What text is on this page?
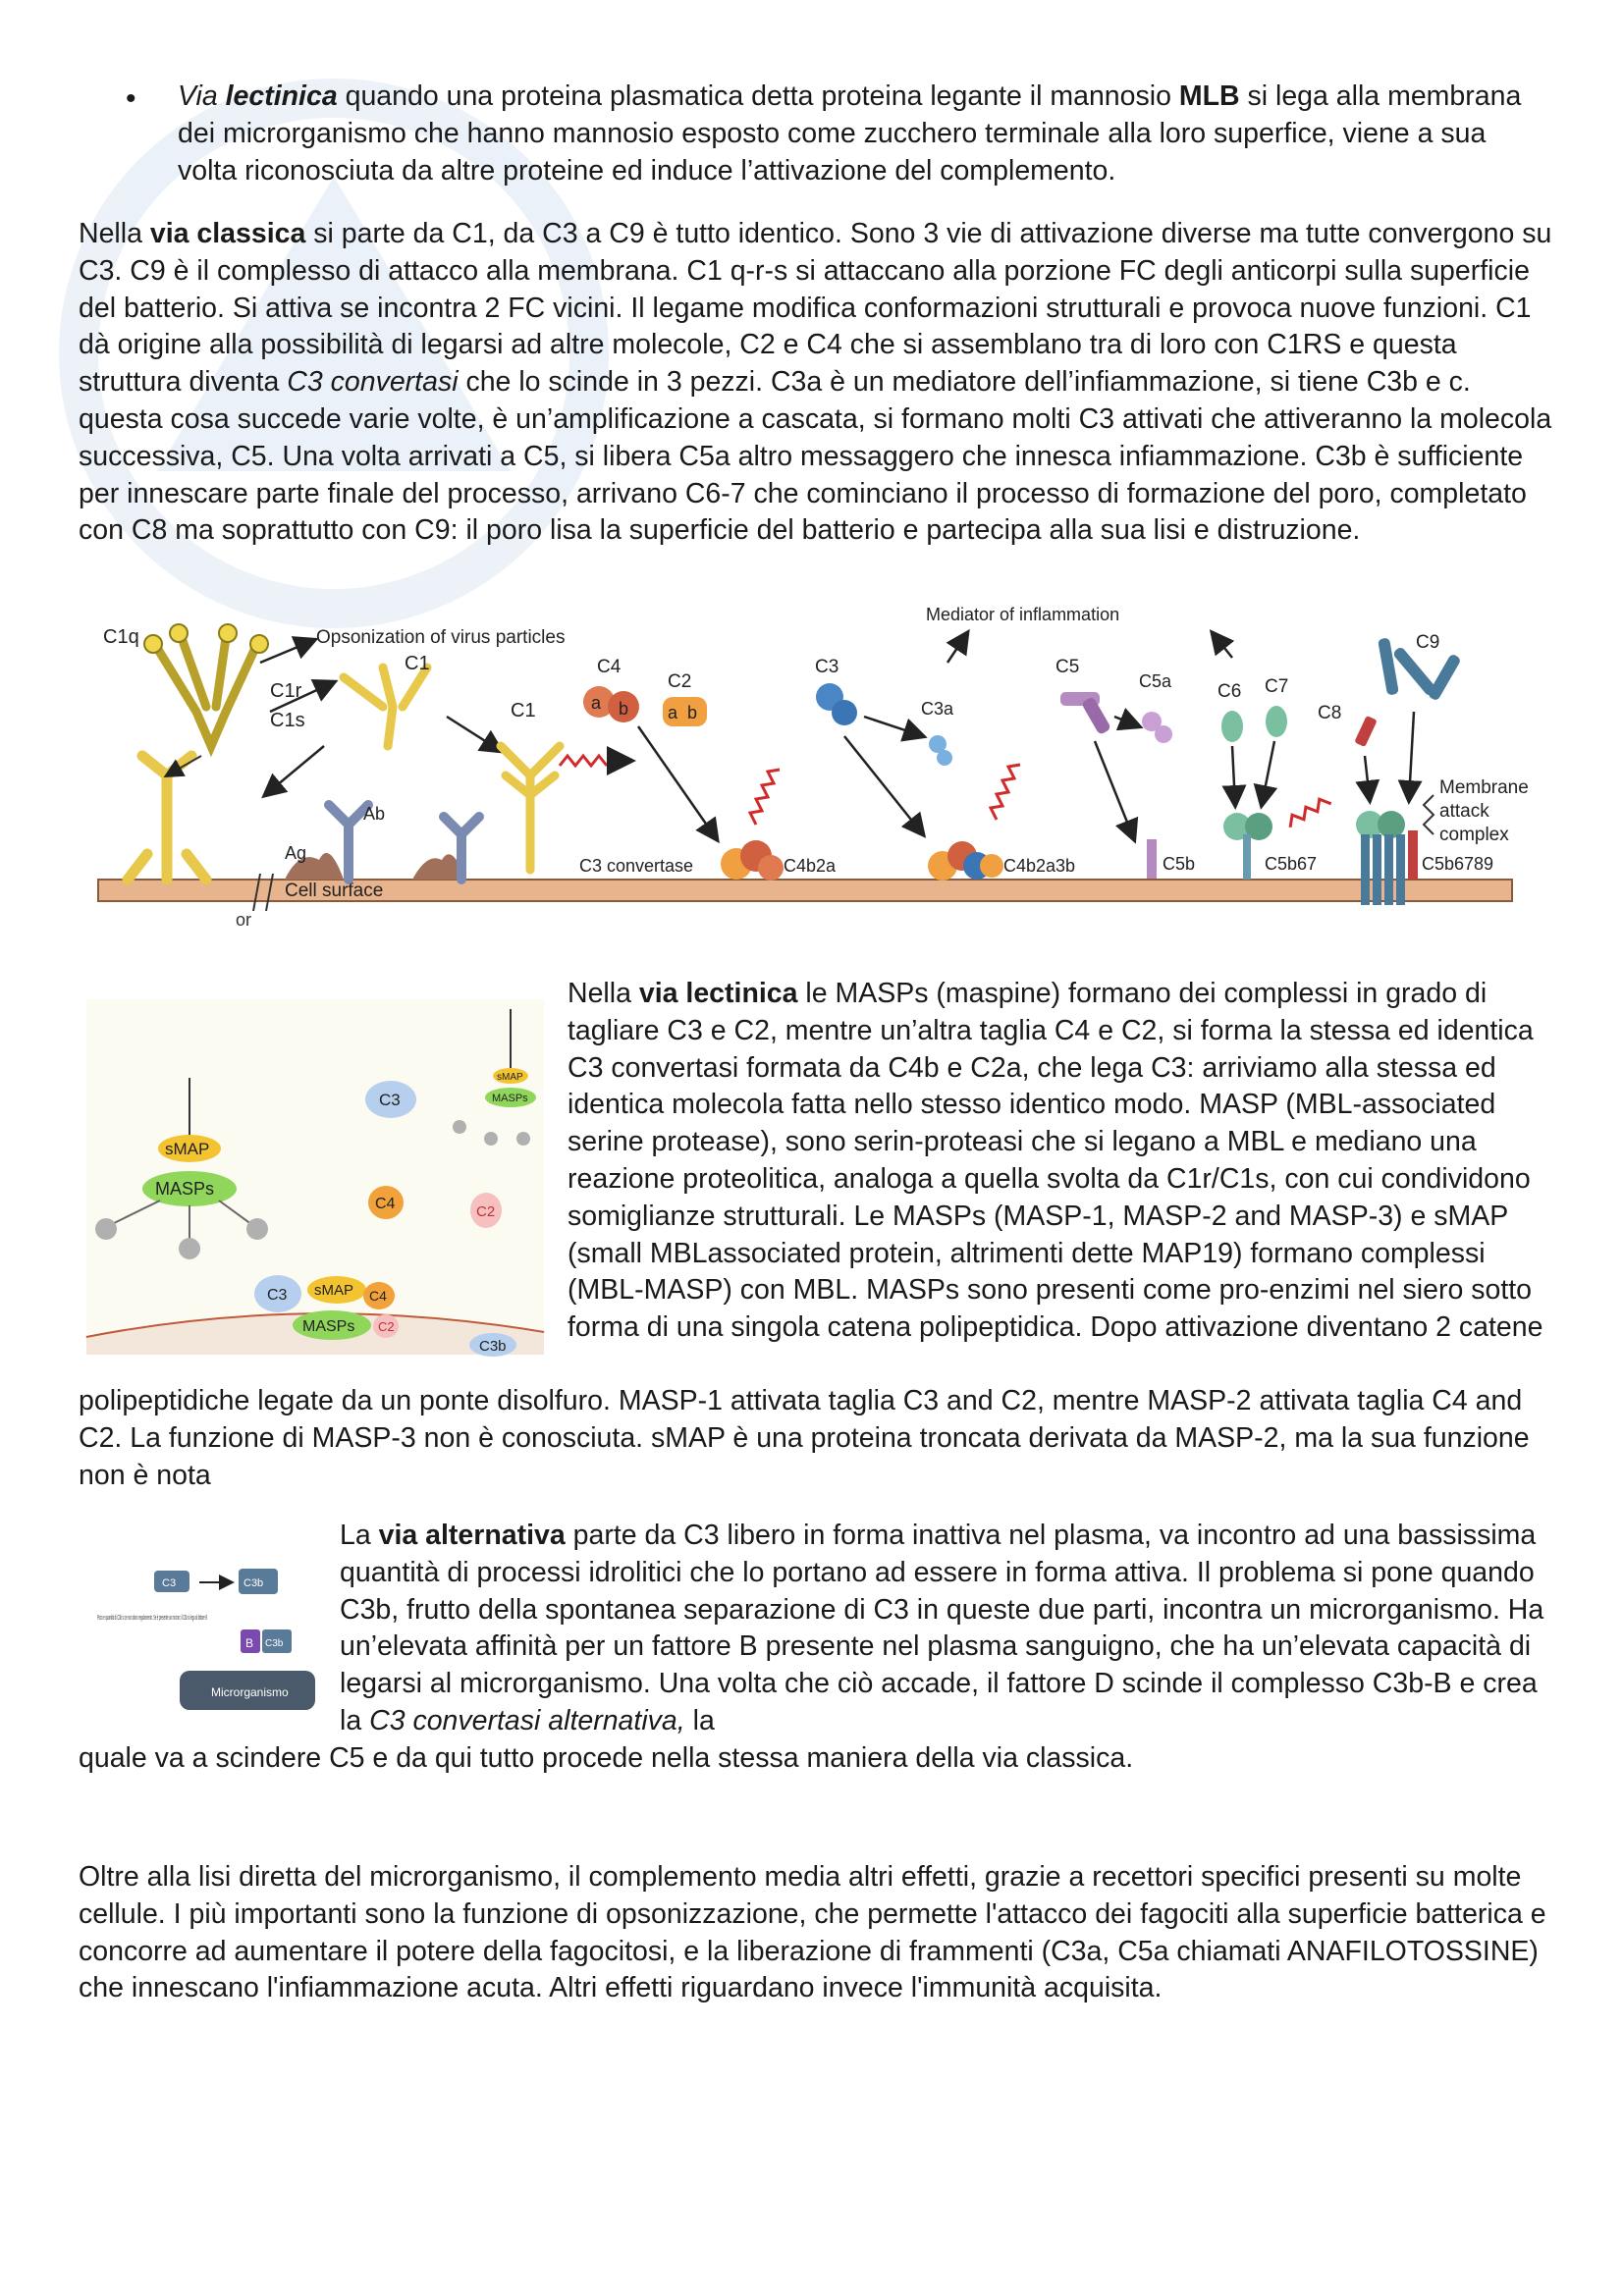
• Via lectinica quando una proteina plasmatica detta proteina legante il mannosio MLB si lega alla membrana dei microrganismo che hanno mannosio esposto come zucchero terminale alla loro superfice, viene a sua volta riconosciuta da altre proteine ed induce l’attivazione del complemento.

Nella via classica si parte da C1, da C3 a C9 è tutto identico. Sono 3 vie di attivazione diverse ma tutte convergono su C3. C9 è il complesso di attacco alla membrana. C1 q-r-s si attaccano alla porzione FC degli anticorpi sulla superficie del batterio. Si attiva se incontra 2 FC vicini. Il legame modifica conformazioni strutturali e provoca nuove funzioni. C1 dà origine alla possibilità di legarsi ad altre molecole, C2 e C4 che si assemblano tra di loro con C1RS e questa struttura diventa C3 convertasi che lo scinde in 3 pezzi. C3a è un mediatore dell’infiammazione, si tiene C3b e c. questa cosa succede varie volte, è un’amplificazione a cascata, si formano molti C3 attivati che attiveranno la molecola successiva, C5. Una volta arrivati a C5, si libera C5a altro messaggero che innesca infiammazione. C3b è sufficiente per innescare parte finale del processo, arrivano C6-7 che cominciano il processo di formazione del poro, completato con C8 ma soprattutto con C9: il poro lisa la superficie del batterio e partecipa alla sua lisi e distruzione.

or
Cell surface
C1q
C1r
C1s
Opsonization of virus particles
C1
Ag
Ab
C1	a b
C4
a b
C2
C3 convertase	C4b2a
C3
C3a
C4b2a3b
Mediator of inflammation
C5
C5a
C5b
C6 C7
C5b67
C8
C9
C5b6789
Membrane
attack
complex
sMAP
MASPs
sMAP
MASPs
C3
C4	C2
C3 sMAP C4
MASPs C2
C3b

Nella via lectinica le MASPs (maspine) formano dei complessi in grado di tagliare C3 e C2, mentre un’altra taglia C4 e C2, si forma la stessa ed identica C3 convertasi formata da C4b e C2a, che lega C3: arriviamo alla stessa ed identica molecola fatta nello stesso identico modo. MASP (MBL-associated serine protease), sono serin-proteasi che si legano a MBL e mediano una reazione proteolitica, analoga a quella svolta da C1r/C1s, con cui condividono somiglianze strutturali. Le MASPs (MASP-1, MASP-2 and MASP-3) e sMAP (small MBLassociated protein, altrimenti dette MAP19) formano complessi (MBL-MASP) con MBL. MASPs sono presenti come pro-enzimi nel siero sotto forma di una singola catena polipeptidica. Dopo attivazione diventano 2 catene

polipeptidiche legate da un ponte disolfuro. MASP-1 attivata taglia C3 and C2, mentre MASP-2 attivata taglia C4 and C2. La funzione di MASP-3 non è conosciuta. sMAP è una proteina troncata derivata da MASP-2, ma la sua funzione non è nota

C3	C3b
Poco e quantità di C3b si ce non dono regolamento. Se è presente un microrc il C3b si lega al fattore B
B C3b
Microrganismo

La via alternativa parte da C3 libero in forma inattiva nel plasma, va incontro ad una bassissima quantità di processi idrolitici che lo portano ad essere in forma attiva. Il problema si pone quando C3b, frutto della spontanea separazione di C3 in queste due parti, incontra un microrganismo. Ha un’elevata affinità per un fattore B presente nel plasma sanguigno, che ha un’elevata capacità di legarsi al microrganismo. Una volta che ciò accade, il fattore D scinde il complesso C3b-B e crea la C3 convertasi alternativa, la

quale va a scindere C5 e da qui tutto procede nella stessa maniera della via classica.

Oltre alla lisi diretta del microrganismo, il complemento media altri effetti, grazie a recettori specifici presenti su molte cellule. I più importanti sono la funzione di opsonizzazione, che permette l'attacco dei fagociti alla superficie batterica e concorre ad aumentare il potere della fagocitosi, e la liberazione di frammenti (C3a, C5a chiamati ANAFILOTOSSINE) che innescano l'infiammazione acuta. Altri effetti riguardano invece l'immunità acquisita.
